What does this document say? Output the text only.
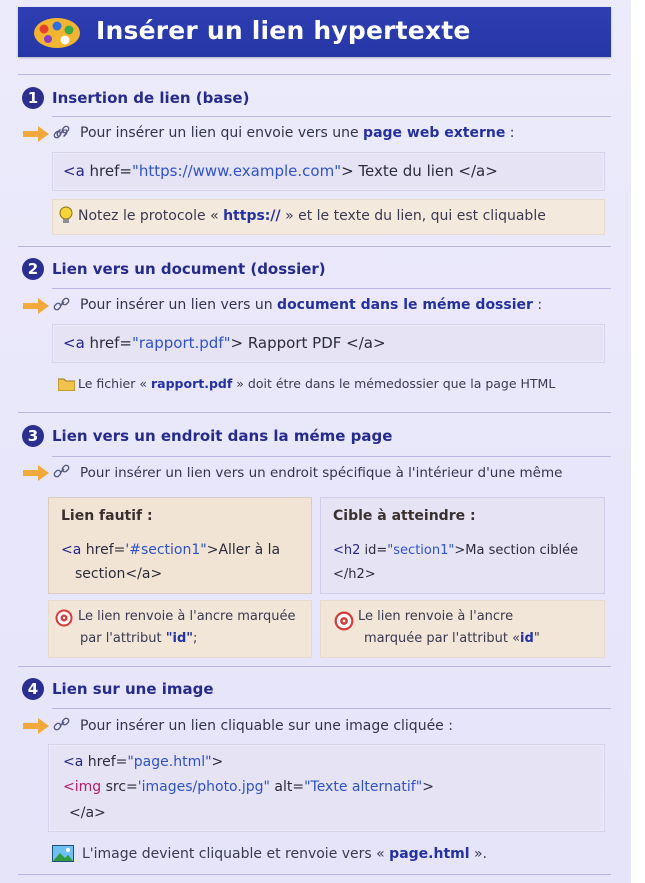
Insérer un lien hypertexte
1 Insertion de lien (base)
Pour insérer un lien qui envoie vers une page web externe :
<a href="https://www.example.com"> Texte du lien </a>
Notez le protocole « https:// » et le texte du lien, qui est cliquable
2 Lien vers un document (dossier)
Pour insérer un lien vers un document dans le méme dossier :
<a href="rapport.pdf"> Rapport PDF </a>
Le fichier « rapport.pdf » doit étre dans le mémedossier que la page HTML
3 Lien vers un endroit dans la méme page
Pour insérer un lien vers un endroit spécifique à l'intérieur d'une même
Lien fautif :
<a href='#section1">Aller à la
section</a>
Cible à atteindre :
<h2 id="section1">Ma section ciblée
</h2>
Le lien renvoie à l'ancre marquée
par l'attribut "id";
Le lien renvoie à l'ancre
marquée par l'attribut «id"
4 Lien sur une image
Pour insérer un lien cliquable sur une image cliquée :
<a href="page.html">
<img src='images/photo.jpg" alt="Texte alternatif">
</a>
L'image devient cliquable et renvoie vers « page.html ».
